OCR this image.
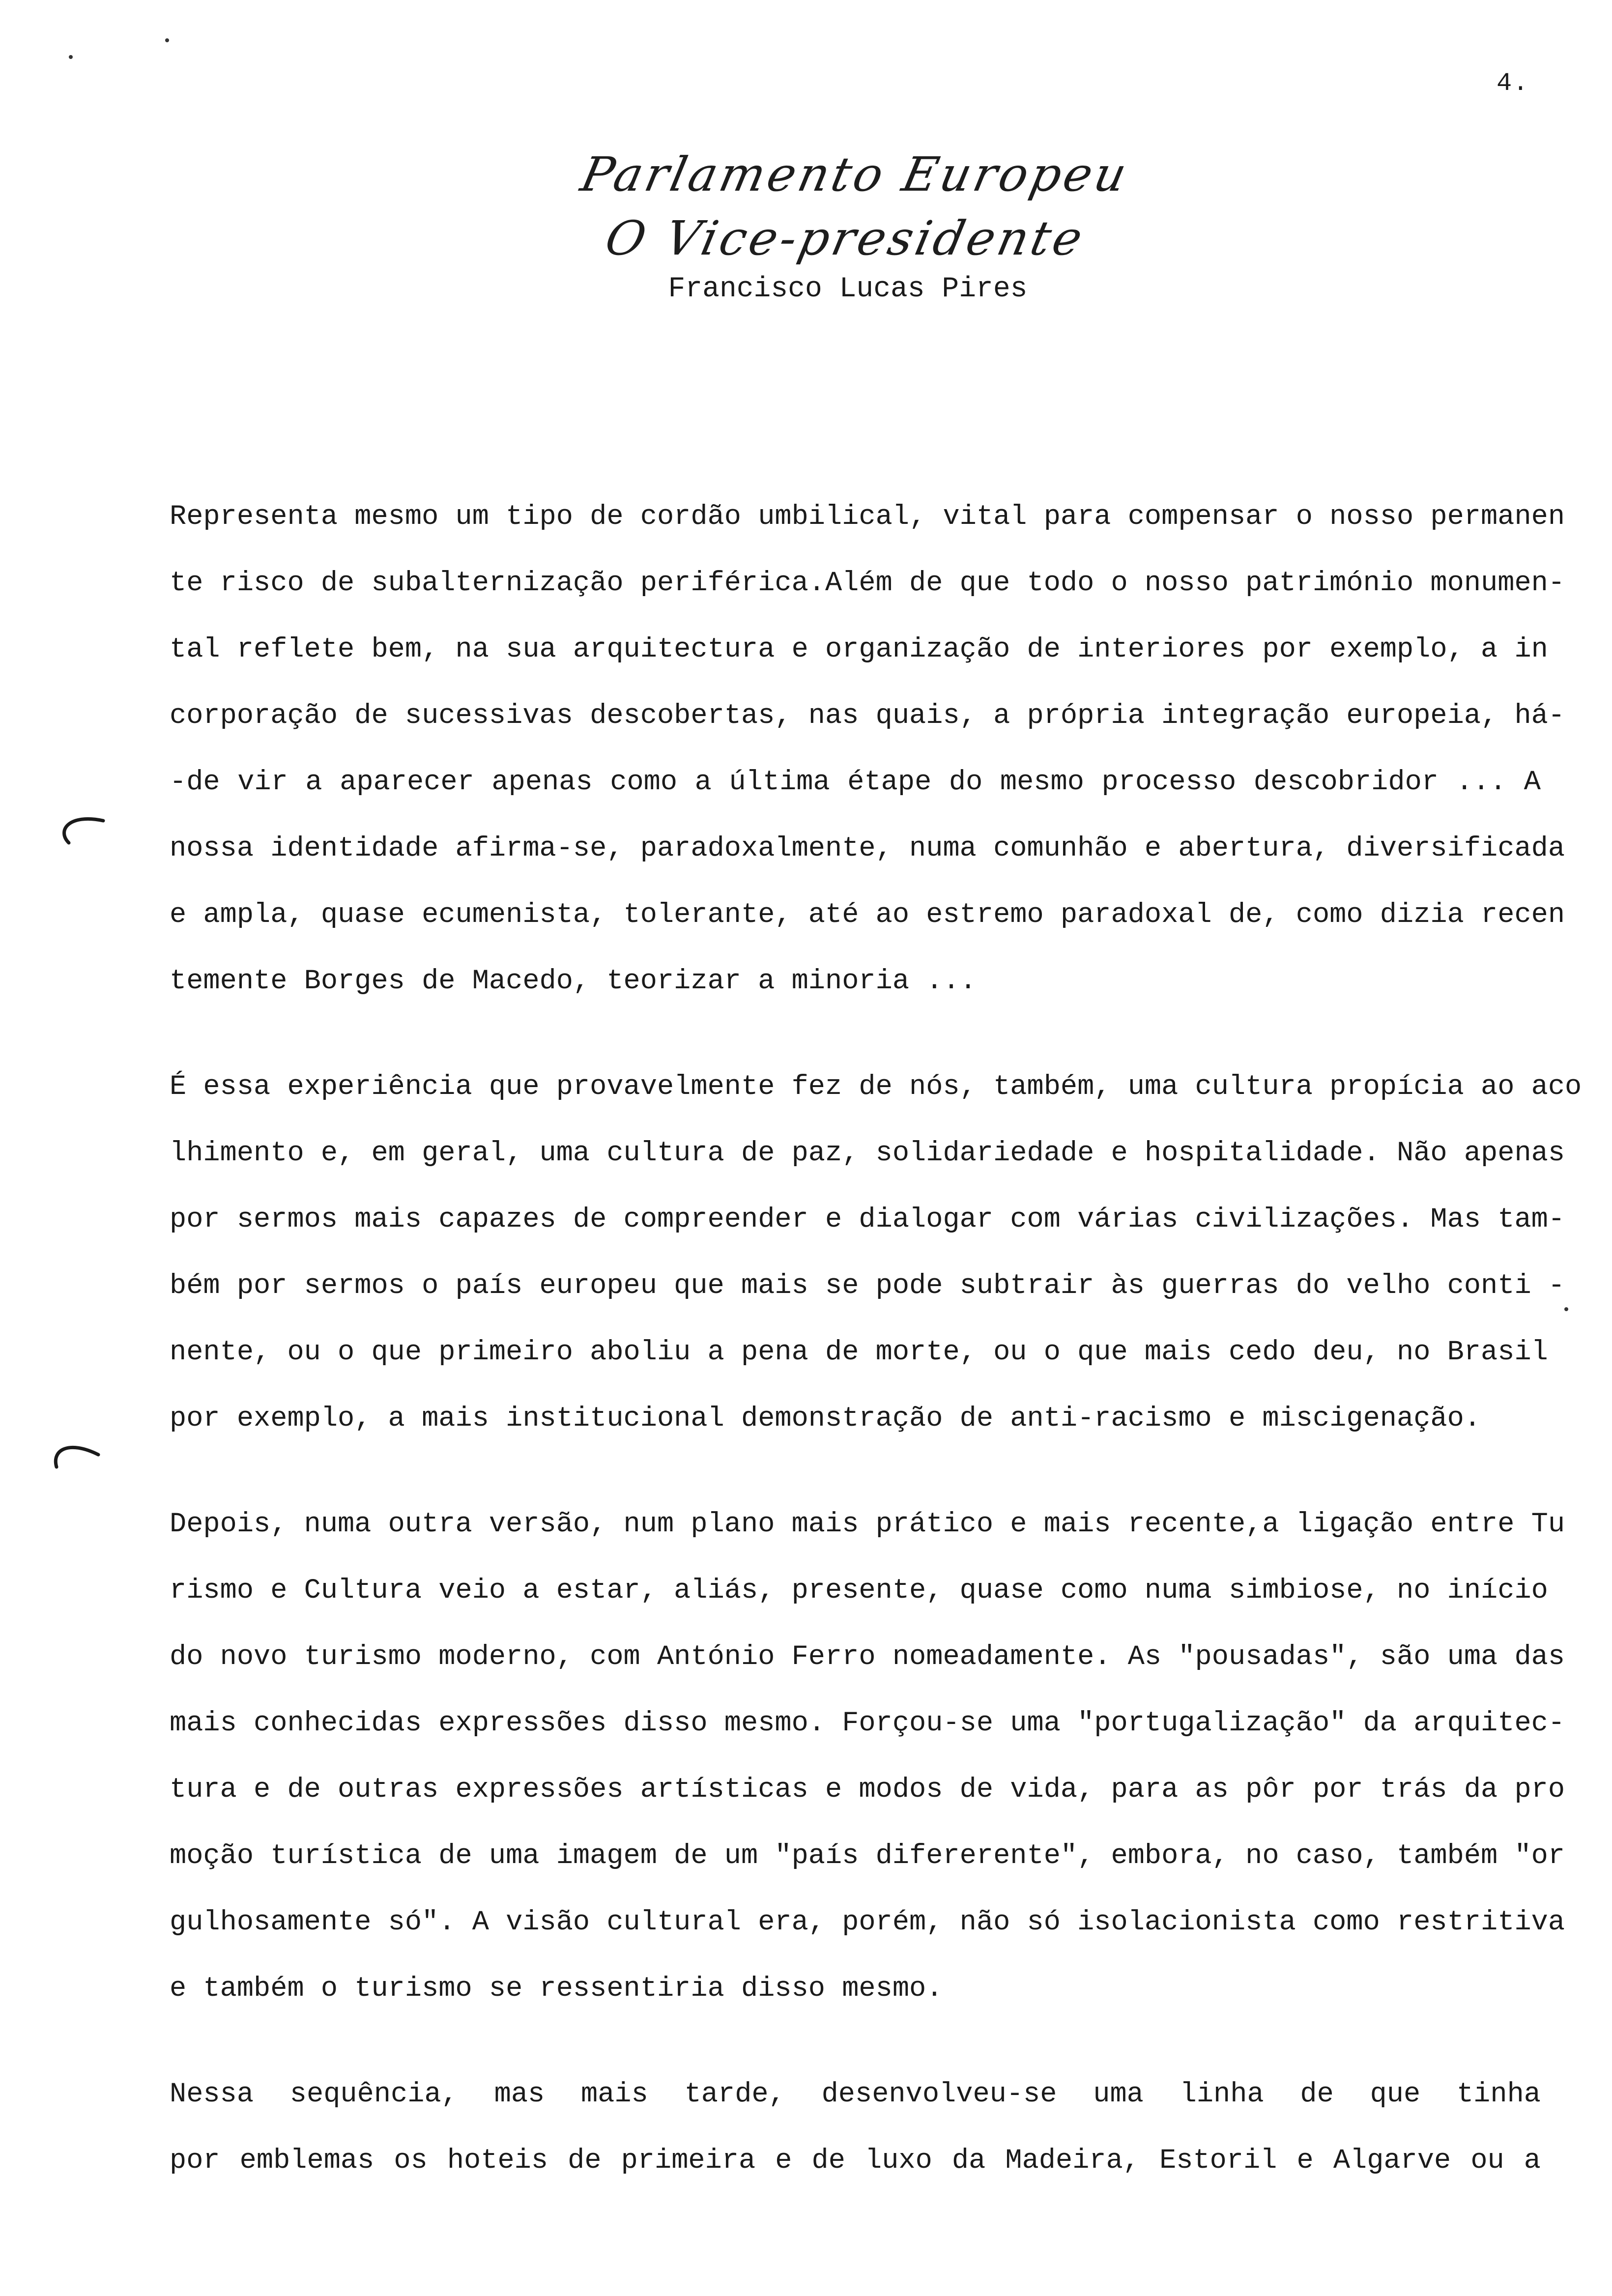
4.
Parlamento Europeu
O Vice-presidente
Francisco Lucas Pires
Representa mesmo um tipo de cordão umbilical, vital para compensar o nosso permanen
te risco de subalternização periférica.Além de que todo o nosso património monumen-
tal reflete bem, na sua arquitectura e organização de interiores por exemplo, a in
corporação de sucessivas descobertas, nas quais, a própria integração europeia, há-
-de vir a aparecer apenas como a última étape do mesmo processo descobridor ... A
nossa identidade afirma-se, paradoxalmente, numa comunhão e abertura, diversificada
e ampla, quase ecumenista, tolerante, até ao estremo paradoxal de, como dizia recen
temente Borges de Macedo, teorizar a minoria ...
É essa experiência que provavelmente fez de nós, também, uma cultura propícia ao aco
lhimento e, em geral, uma cultura de paz, solidariedade e hospitalidade. Não apenas
por sermos mais capazes de compreender e dialogar com várias civilizações. Mas tam-
bém por sermos o país europeu que mais se pode subtrair às guerras do velho conti -
nente, ou o que primeiro aboliu a pena de morte, ou o que mais cedo deu, no Brasil
por exemplo, a mais institucional demonstração de anti-racismo e miscigenação.
Depois, numa outra versão, num plano mais prático e mais recente,a ligação entre Tu
rismo e Cultura veio a estar, aliás, presente, quase como numa simbiose, no início
do novo turismo moderno, com António Ferro nomeadamente. As "pousadas", são uma das
mais conhecidas expressões disso mesmo. Forçou-se uma "portugalização" da arquitec-
tura e de outras expressões artísticas e modos de vida, para as pôr por trás da pro
moção turística de uma imagem de um "país difererente", embora, no caso, também "or
gulhosamente só". A visão cultural era, porém, não só isolacionista como restritiva
e também o turismo se ressentiria disso mesmo.
Nessa sequência, mas mais tarde, desenvolveu-se uma linha de que tinha
por emblemas os hoteis de primeira e de luxo da Madeira, Estoril e Algarve ou a
